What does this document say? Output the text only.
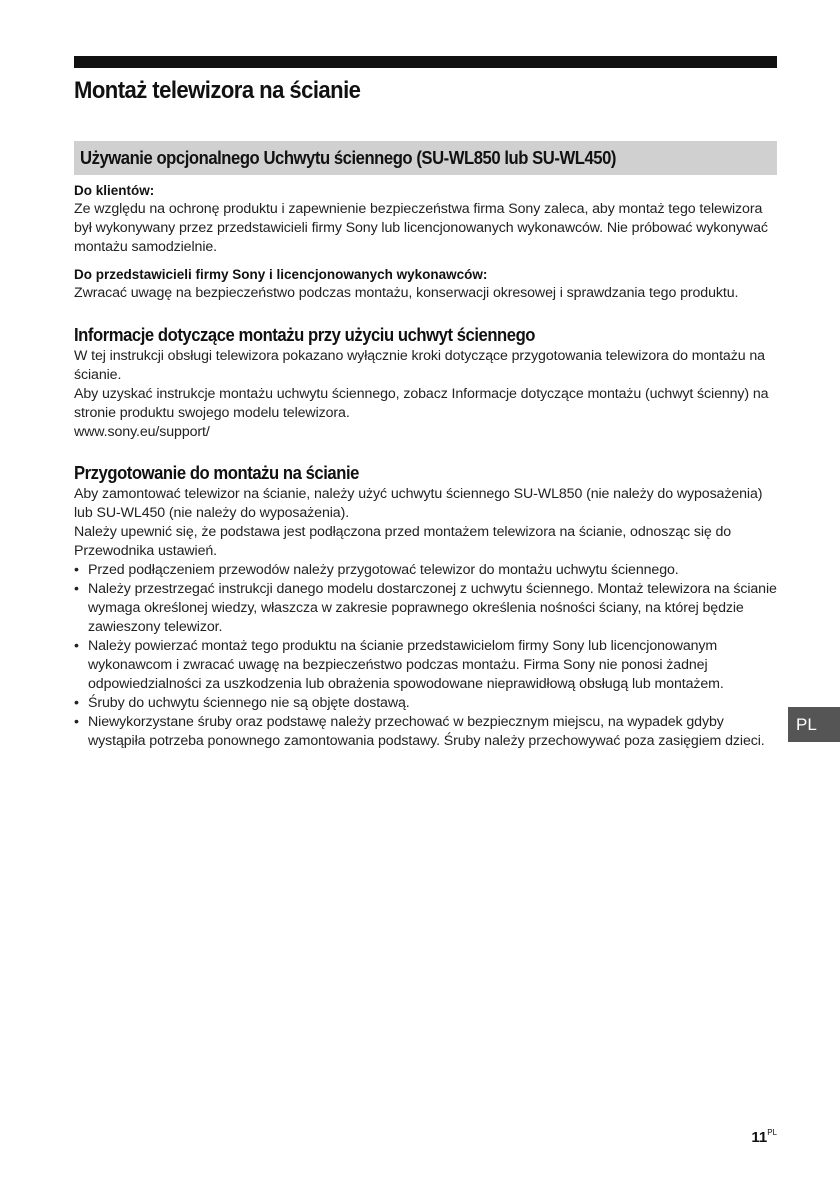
Montaż telewizora na ścianie
Używanie opcjonalnego Uchwytu ściennego (SU-WL850 lub SU-WL450)
Do klientów:

Ze względu na ochronę produktu i zapewnienie bezpieczeństwa firma Sony zaleca, aby montaż tego telewizora był wykonywany przez przedstawicieli firmy Sony lub licencjonowanych wykonawców. Nie próbować wykonywać montażu samodzielnie.

Do przedstawicieli firmy Sony i licencjonowanych wykonawców:

Zwracać uwagę na bezpieczeństwo podczas montażu, konserwacji okresowej i sprawdzania tego produktu.

Informacje dotyczące montażu przy użyciu uchwyt ściennego

W tej instrukcji obsługi telewizora pokazano wyłącznie kroki dotyczące przygotowania telewizora do montażu na ścianie.

Aby uzyskać instrukcje montażu uchwytu ściennego, zobacz Informacje dotyczące montażu (uchwyt ścienny) na stronie produktu swojego modelu telewizora.

www.sony.eu/support/

Przygotowanie do montażu na ścianie

Aby zamontować telewizor na ścianie, należy użyć uchwytu ściennego SU-WL850 (nie należy do wyposażenia) lub SU-WL450 (nie należy do wyposażenia).

Należy upewnić się, że podstawa jest podłączona przed montażem telewizora na ścianie, odnosząc się do Przewodnika ustawień.

• Przed podłączeniem przewodów należy przygotować telewizor do montażu uchwytu ściennego.
• Należy przestrzegać instrukcji danego modelu dostarczonej z uchwytu ściennego. Montaż telewizora na ścianie wymaga określonej wiedzy, właszcza w zakresie poprawnego określenia nośności ściany, na której będzie zawieszony telewizor.
• Należy powierzać montaż tego produktu na ścianie przedstawicielom firmy Sony lub licencjonowanym wykonawcom i zwracać uwagę na bezpieczeństwo podczas montażu. Firma Sony nie ponosi żadnej odpowiedzialności za uszkodzenia lub obrażenia spowodowane nieprawidłową obsługą lub montażem.
• Śruby do uchwytu ściennego nie są objęte dostawą.
• Niewykorzystane śruby oraz podstawę należy przechować w bezpiecznym miejscu, na wypadek gdyby wystąpiła potrzeba ponownego zamontowania podstawy. Śruby należy przechowywać poza zasięgiem dzieci.
PL
$11^{PL}$
